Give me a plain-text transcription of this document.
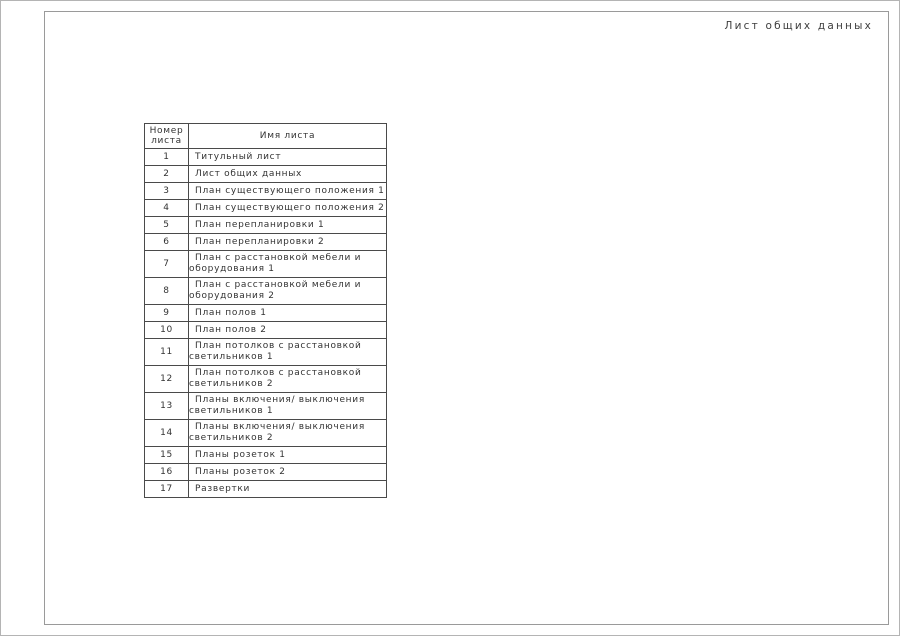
Лист общих данных
Номер листа	Имя листа
1	Титульный лист
2	Лист общих данных
3	План существующего положения 1
4	План существующего положения 2
5	План перепланировки 1
6	План перепланировки 2
7	План с расстановкой мебели и оборудования 1
8	План с расстановкой мебели и оборудования 2
9	План полов 1
10	План полов 2
11	План потолков с расстановкой светильников 1
12	План потолков с расстановкой светильников 2
13	Планы включения/ выключения светильников 1
14	Планы включения/ выключения светильников 2
15	Планы розеток 1
16	Планы розеток 2
17	Развертки
